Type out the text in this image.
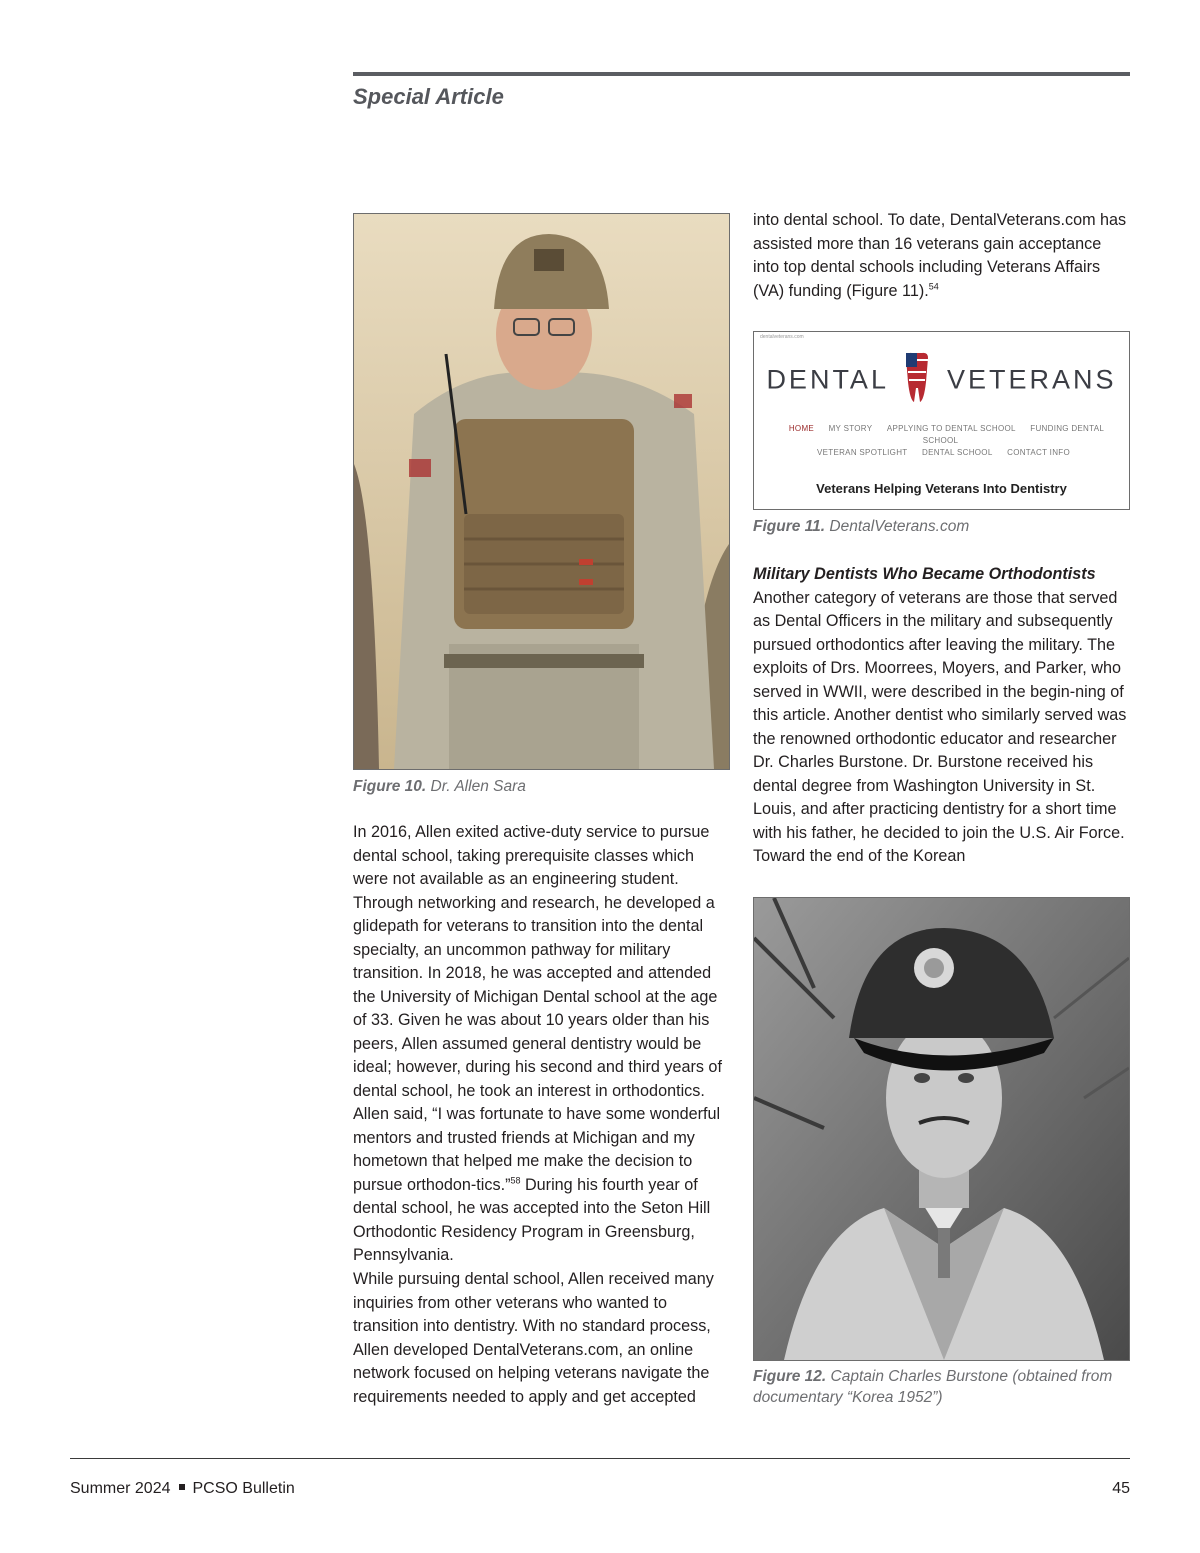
Special Article
Figure 10. Dr. Allen Sara

into dental school. To date, DentalVeterans.com has assisted more than 16 veterans gain acceptance into top dental schools including Veterans Affairs (VA) funding (Figure 11).$^{54}$

dentalveterans.com
DENTAL VETERANS
HOME MY STORY APPLYING TO DENTAL SCHOOL FUNDING DENTAL SCHOOL
VETERAN SPOTLIGHT DENTAL SCHOOL CONTACT INFO
Veterans Helping Veterans Into Dentistry
Figure 11. DentalVeterans.com

Military Dentists Who Became Orthodontists
Another category of veterans are those that served as Dental Officers in the military and subsequently pursued orthodontics after leaving the military. The exploits of Drs. Moorrees, Moyers, and Parker, who served in WWII, were described in the begin-ning of this article. Another dentist who similarly served was the renowned orthodontic educator and researcher Dr. Charles Burstone. Dr. Burstone received his dental degree from Washington University in St. Louis, and after practicing dentistry for a short time with his father, he decided to join the U.S. Air Force. Toward the end of the Korean

In 2016, Allen exited active-duty service to pursue dental school, taking prerequisite classes which were not available as an engineering student. Through networking and research, he developed a glidepath for veterans to transition into the dental specialty, an uncommon pathway for military transition. In 2018, he was accepted and attended the University of Michigan Dental school at the age of 33. Given he was about 10 years older than his peers, Allen assumed general dentistry would be ideal; however, during his second and third years of dental school, he took an interest in orthodontics. Allen said, “I was fortunate to have some wonderful mentors and trusted friends at Michigan and my hometown that helped me make the decision to pursue orthodon-tics.”$^{58}$ During his fourth year of dental school, he was accepted into the Seton Hill Orthodontic Residency Program in Greensburg, Pennsylvania.

While pursuing dental school, Allen received many inquiries from other veterans who wanted to transition into dentistry. With no standard process, Allen developed DentalVeterans.com, an online network focused on helping veterans navigate the requirements needed to apply and get accepted

Figure 12. Captain Charles Burstone (obtained from documentary “Korea 1952”)
Summer 2024 PCSO Bulletin	45
